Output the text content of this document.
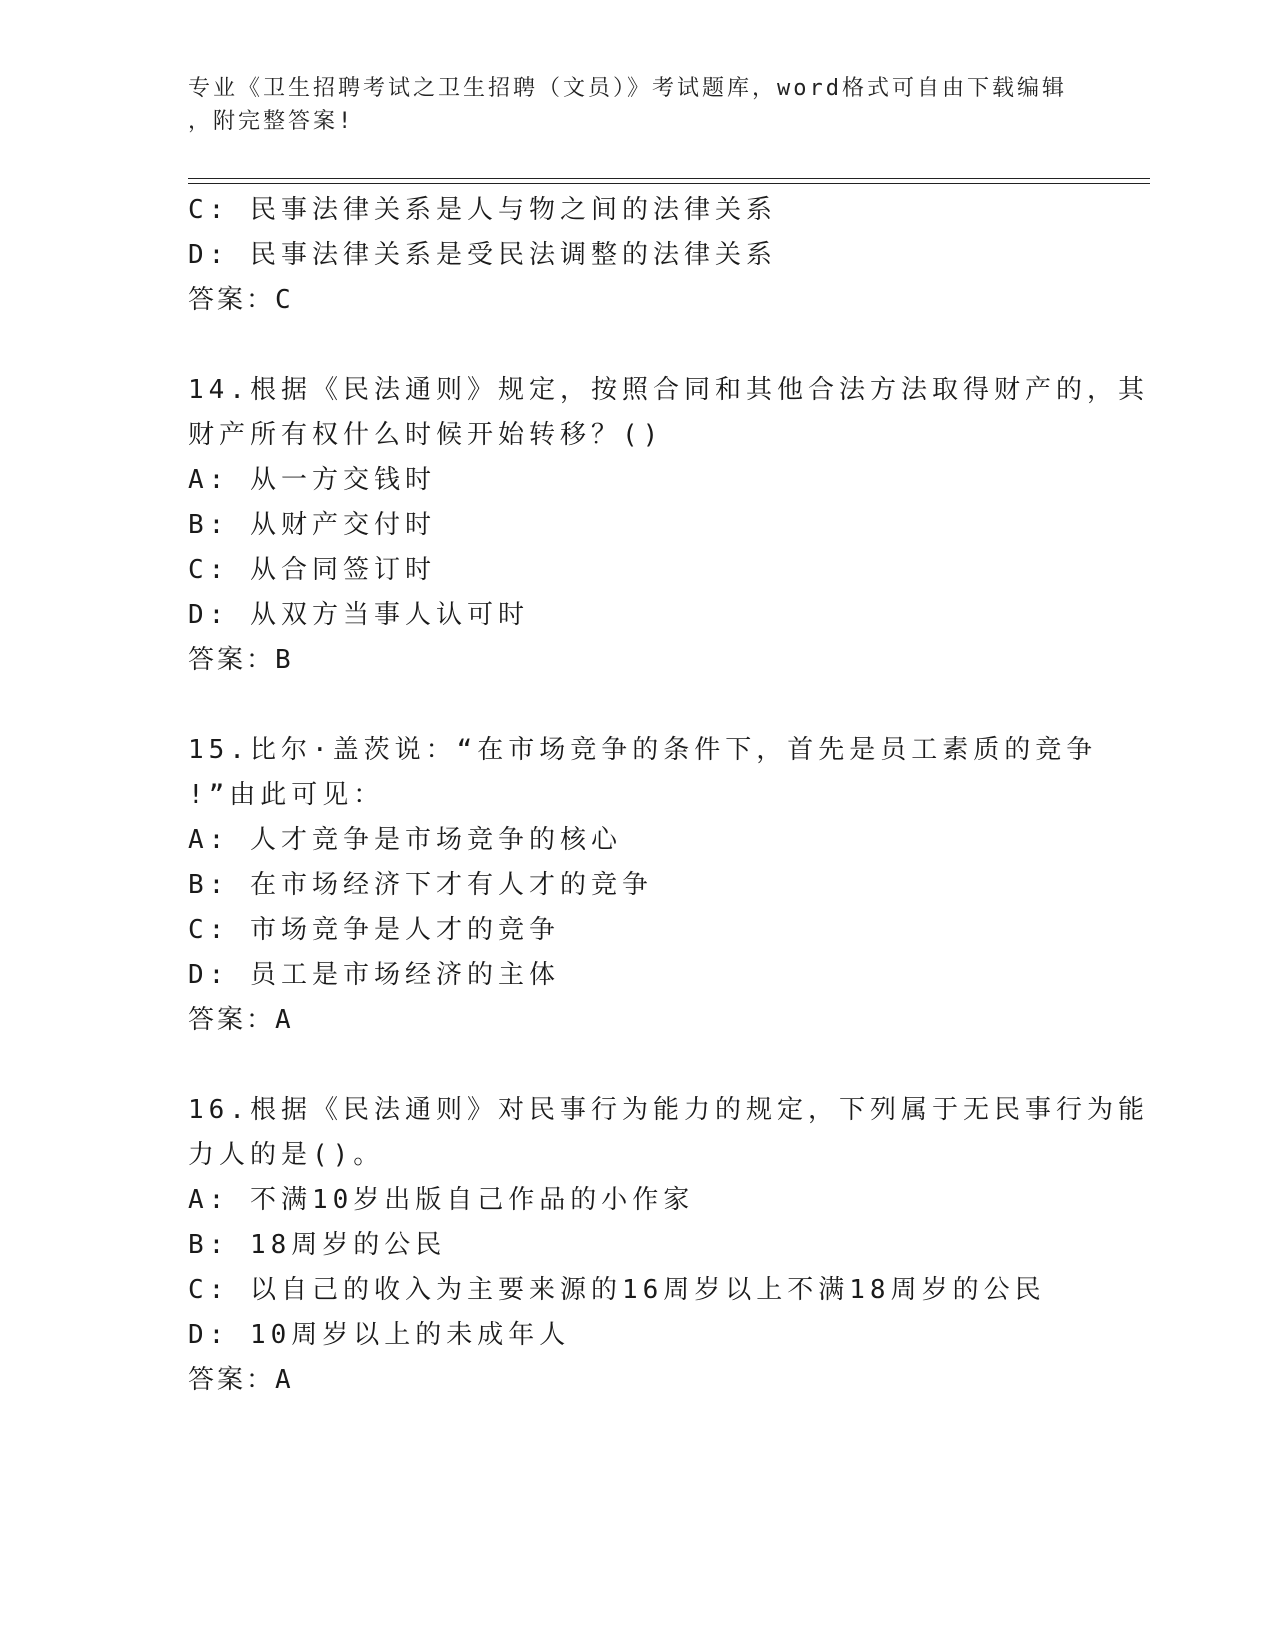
专业《卫生招聘考试之卫生招聘（文员）》考试题库，word格式可自由下载编辑
，附完整答案!
C: 民事法律关系是人与物之间的法律关系
D: 民事法律关系是受民法调整的法律关系
答案：C
14.根据《民法通则》规定，按照合同和其他合法方法取得财产的，其
财产所有权什么时候开始转移？()
A: 从一方交钱时
B: 从财产交付时
C: 从合同签订时
D: 从双方当事人认可时
答案：B
15.比尔·盖茨说：“在市场竞争的条件下，首先是员工素质的竞争
!”由此可见：
A: 人才竞争是市场竞争的核心
B: 在市场经济下才有人才的竞争
C: 市场竞争是人才的竞争
D: 员工是市场经济的主体
答案：A
16.根据《民法通则》对民事行为能力的规定，下列属于无民事行为能
力人的是()。
A: 不满10岁出版自己作品的小作家
B: 18周岁的公民
C: 以自己的收入为主要来源的16周岁以上不满18周岁的公民
D: 10周岁以上的未成年人
答案：A
